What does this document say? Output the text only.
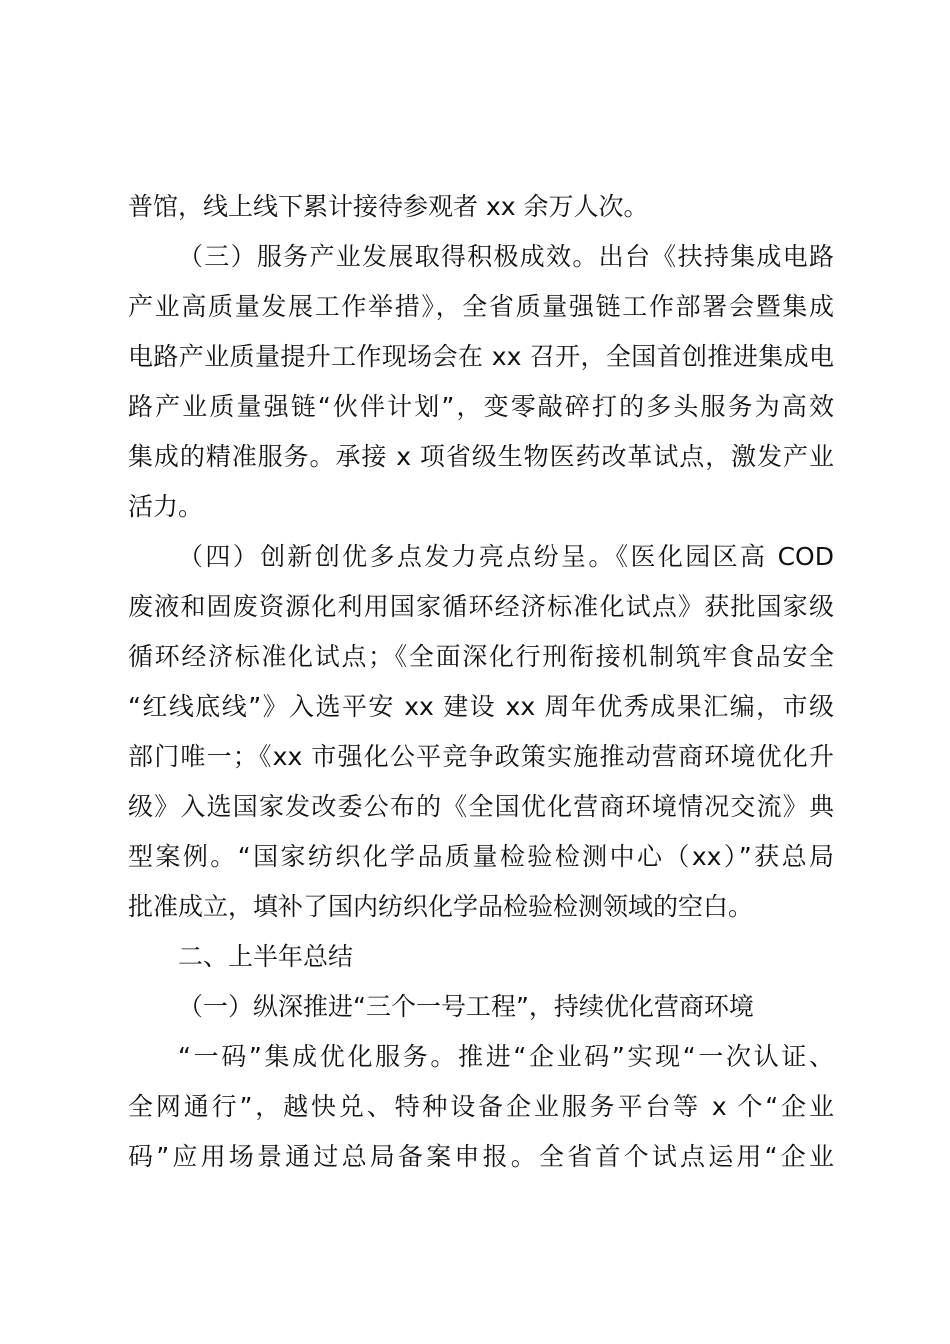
普馆，线上线下累计接待参观者 xx 余万人次。
（三）服务产业发展取得积极成效。出台《扶持集成电路
产业高质量发展工作举措》，全省质量强链工作部署会暨集成
电路产业质量提升工作现场会在 xx 召开，全国首创推进集成电
路产业质量强链“伙伴计划”，变零敲碎打的多头服务为高效
集成的精准服务。承接 x 项省级生物医药改革试点，激发产业
活力。
（四）创新创优多点发力亮点纷呈。《医化园区高 COD
废液和固废资源化利用国家循环经济标准化试点》获批国家级
循环经济标准化试点；《全面深化行刑衔接机制筑牢食品安全
“红线底线”》入选平安 xx 建设 xx 周年优秀成果汇编，市级
部门唯一；《xx 市强化公平竞争政策实施推动营商环境优化升
级》入选国家发改委公布的《全国优化营商环境情况交流》典
型案例。“国家纺织化学品质量检验检测中心（xx）”获总局
批准成立，填补了国内纺织化学品检验检测领域的空白。
二、上半年总结
（一）纵深推进“三个一号工程”，持续优化营商环境
“一码”集成优化服务。推进“企业码”实现“一次认证、
全网通行”，越快兑、特种设备企业服务平台等 x 个“企业
码”应用场景通过总局备案申报。全省首个试点运用“企业
